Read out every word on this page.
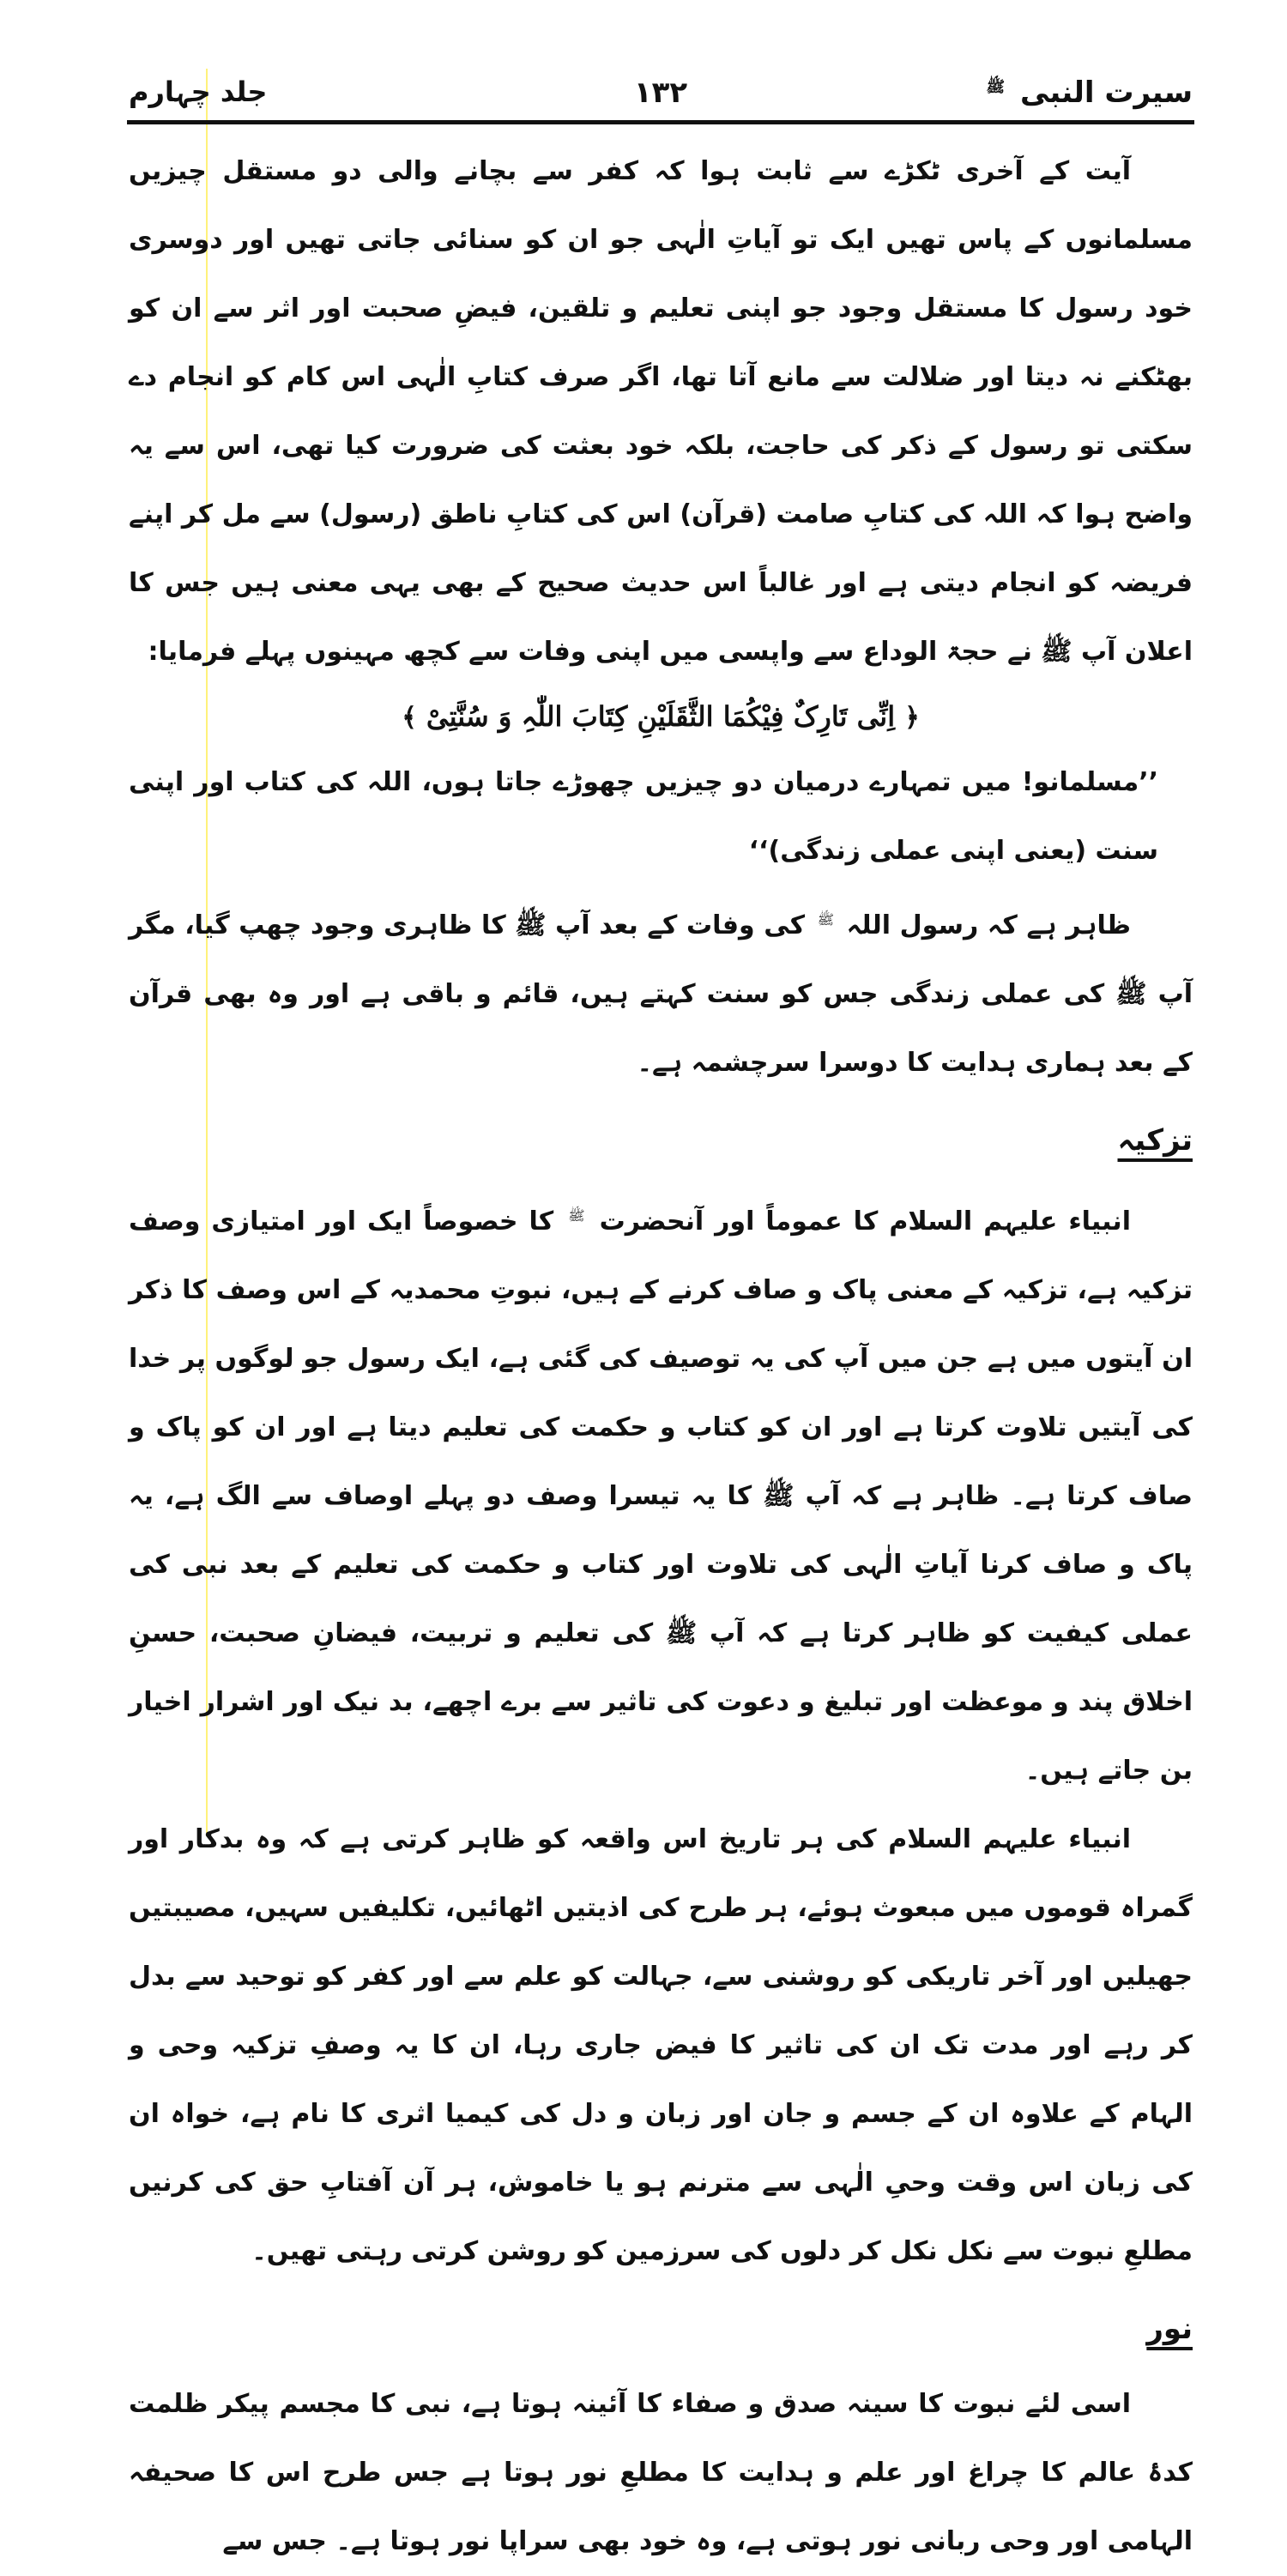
سیرت النبی $^ﷺ$
۱۳۲
جلد چہارم

آیت کے آخری ٹکڑے سے ثابت ہوا کہ کفر سے بچانے والی دو مستقل چیزیں مسلمانوں کے پاس تھیں ایک تو آیاتِ الٰہی جو ان کو سنائی جاتی تھیں اور دوسری خود رسول کا مستقل وجود جو اپنی تعلیم و تلقین، فیضِ صحبت اور اثر سے ان کو بھٹکنے نہ دیتا اور ضلالت سے مانع آتا تھا، اگر صرف کتابِ الٰہی اس کام کو انجام دے سکتی تو رسول کے ذکر کی حاجت، بلکہ خود بعثت کی ضرورت کیا تھی، اس سے یہ واضح ہوا کہ اللہ کی کتابِ صامت (قرآن) اس کی کتابِ ناطق (رسول) سے مل کر اپنے فریضہ کو انجام دیتی ہے اور غالباً اس حدیث صحیح کے بھی یہی معنی ہیں جس کا اعلان آپ ﷺ نے حجۃ الوداع سے واپسی میں اپنی وفات سے کچھ مہینوں پہلے فرمایا:

﴿ اِنِّی تَارِکٌ فِیْکُمَا الثَّقَلَیْنِ کِتَابَ اللّٰہِ وَ سُنَّتِیْ ﴾

’’مسلمانو! میں تمہارے درمیان دو چیزیں چھوڑے جاتا ہوں، اللہ کی کتاب اور اپنی سنت (یعنی اپنی عملی زندگی)‘‘

ظاہر ہے کہ رسول اللہ $^ﷺ$ کی وفات کے بعد آپ ﷺ کا ظاہری وجود چھپ گیا، مگر آپ ﷺ کی عملی زندگی جس کو سنت کہتے ہیں، قائم و باقی ہے اور وہ بھی قرآن کے بعد ہماری ہدایت کا دوسرا سرچشمہ ہے۔

تزکیہ

انبیاء علیہم السلام کا عموماً اور آنحضرت $^ﷺ$ کا خصوصاً ایک اور امتیازی وصف تزکیہ ہے، تزکیہ کے معنی پاک و صاف کرنے کے ہیں، نبوتِ محمدیہ کے اس وصف کا ذکر ان آیتوں میں ہے جن میں آپ کی یہ توصیف کی گئی ہے، ایک رسول جو لوگوں پر خدا کی آیتیں تلاوت کرتا ہے اور ان کو کتاب و حکمت کی تعلیم دیتا ہے اور ان کو پاک و صاف کرتا ہے۔ ظاہر ہے کہ آپ ﷺ کا یہ تیسرا وصف دو پہلے اوصاف سے الگ ہے، یہ پاک و صاف کرنا آیاتِ الٰہی کی تلاوت اور کتاب و حکمت کی تعلیم کے بعد نبی کی عملی کیفیت کو ظاہر کرتا ہے کہ آپ ﷺ کی تعلیم و تربیت، فیضانِ صحبت، حسنِ اخلاق پند و موعظت اور تبلیغ و دعوت کی تاثیر سے برے اچھے، بد نیک اور اشرار اخیار بن جاتے ہیں۔

انبیاء علیہم السلام کی ہر تاریخ اس واقعہ کو ظاہر کرتی ہے کہ وہ بدکار اور گمراہ قوموں میں مبعوث ہوئے، ہر طرح کی اذیتیں اٹھائیں، تکلیفیں سہیں، مصیبتیں جھیلیں اور آخر تاریکی کو روشنی سے، جہالت کو علم سے اور کفر کو توحید سے بدل کر رہے اور مدت تک ان کی تاثیر کا فیض جاری رہا، ان کا یہ وصفِ تزکیہ وحی و الہام کے علاوہ ان کے جسم و جان اور زبان و دل کی کیمیا اثری کا نام ہے، خواہ ان کی زبان اس وقت وحیِ الٰہی سے مترنم ہو یا خاموش، ہر آن آفتابِ حق کی کرنیں مطلعِ نبوت سے نکل نکل کر دلوں کی سرزمین کو روشن کرتی رہتی تھیں۔

نور

اسی لئے نبوت کا سینہ صدق و صفاء کا آئینہ ہوتا ہے، نبی کا مجسم پیکر ظلمت کدۂ عالم کا چراغ اور علم و ہدایت کا مطلعِ نور ہوتا ہے جس طرح اس کا صحیفہ الہامی اور وحی ربانی نور ہوتی ہے، وہ خود بھی سراپا نور ہوتا ہے۔ جس سے
